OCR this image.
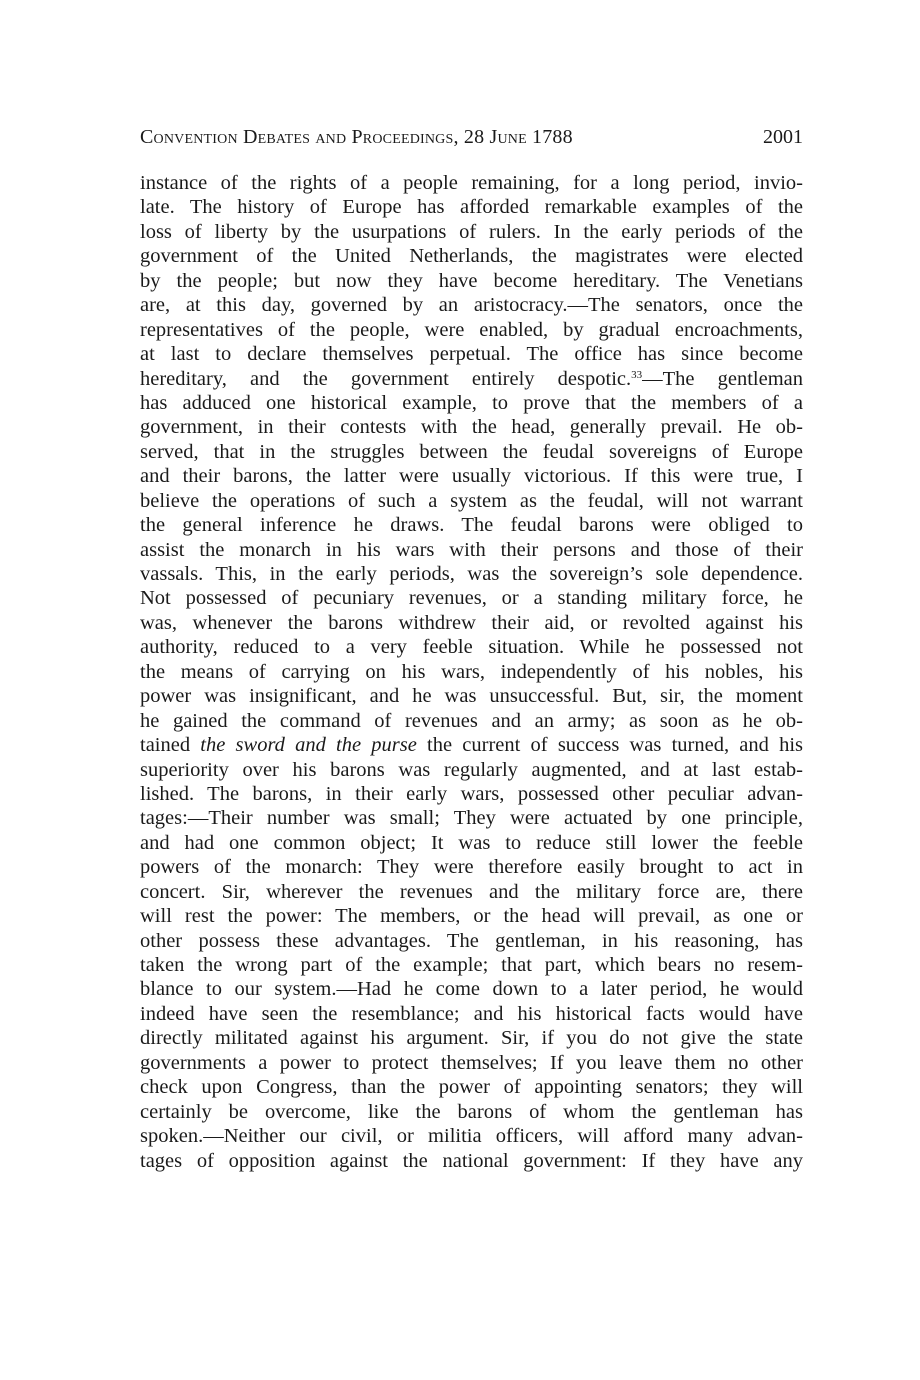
Convention Debates and Proceedings, 28 June 1788	2001
instance of the rights of a people remaining, for a long period, invio-
late. The history of Europe has afforded remarkable examples of the
loss of liberty by the usurpations of rulers. In the early periods of the
government of the United Netherlands, the magistrates were elected
by the people; but now they have become hereditary. The Venetians
are, at this day, governed by an aristocracy.—The senators, once the
representatives of the people, were enabled, by gradual encroachments,
at last to declare themselves perpetual. The office has since become
hereditary, and the government entirely despotic.$^{33}$—The gentleman
has adduced one historical example, to prove that the members of a
government, in their contests with the head, generally prevail. He ob-
served, that in the struggles between the feudal sovereigns of Europe
and their barons, the latter were usually victorious. If this were true, I
believe the operations of such a system as the feudal, will not warrant
the general inference he draws. The feudal barons were obliged to
assist the monarch in his wars with their persons and those of their
vassals. This, in the early periods, was the sovereign’s sole dependence.
Not possessed of pecuniary revenues, or a standing military force, he
was, whenever the barons withdrew their aid, or revolted against his
authority, reduced to a very feeble situation. While he possessed not
the means of carrying on his wars, independently of his nobles, his
power was insignificant, and he was unsuccessful. But, sir, the moment
he gained the command of revenues and an army; as soon as he ob-
tained the sword and the purse the current of success was turned, and his
superiority over his barons was regularly augmented, and at last estab-
lished. The barons, in their early wars, possessed other peculiar advan-
tages:—Their number was small; They were actuated by one principle,
and had one common object; It was to reduce still lower the feeble
powers of the monarch: They were therefore easily brought to act in
concert. Sir, wherever the revenues and the military force are, there
will rest the power: The members, or the head will prevail, as one or
other possess these advantages. The gentleman, in his reasoning, has
taken the wrong part of the example; that part, which bears no resem-
blance to our system.—Had he come down to a later period, he would
indeed have seen the resemblance; and his historical facts would have
directly militated against his argument. Sir, if you do not give the state
governments a power to protect themselves; If you leave them no other
check upon Congress, than the power of appointing senators; they will
certainly be overcome, like the barons of whom the gentleman has
spoken.—Neither our civil, or militia officers, will afford many advan-
tages of opposition against the national government: If they have any
